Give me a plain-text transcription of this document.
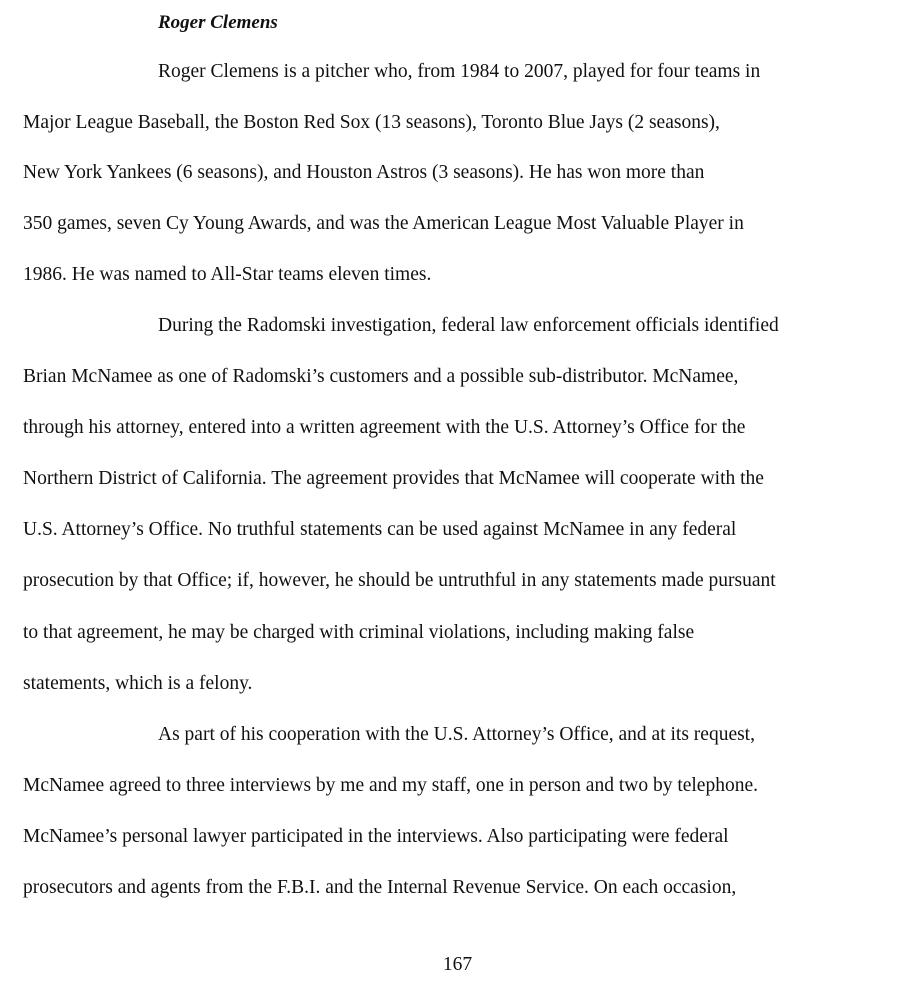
Roger Clemens
Roger Clemens is a pitcher who, from 1984 to 2007, played for four teams in
Major League Baseball, the Boston Red Sox (13 seasons), Toronto Blue Jays (2 seasons),
New York Yankees (6 seasons), and Houston Astros (3 seasons). He has won more than
350 games, seven Cy Young Awards, and was the American League Most Valuable Player in
1986. He was named to All-Star teams eleven times.
During the Radomski investigation, federal law enforcement officials identified
Brian McNamee as one of Radomski’s customers and a possible sub-distributor. McNamee,
through his attorney, entered into a written agreement with the U.S. Attorney’s Office for the
Northern District of California. The agreement provides that McNamee will cooperate with the
U.S. Attorney’s Office. No truthful statements can be used against McNamee in any federal
prosecution by that Office; if, however, he should be untruthful in any statements made pursuant
to that agreement, he may be charged with criminal violations, including making false
statements, which is a felony.
As part of his cooperation with the U.S. Attorney’s Office, and at its request,
McNamee agreed to three interviews by me and my staff, one in person and two by telephone.
McNamee’s personal lawyer participated in the interviews. Also participating were federal
prosecutors and agents from the F.B.I. and the Internal Revenue Service. On each occasion,
167
